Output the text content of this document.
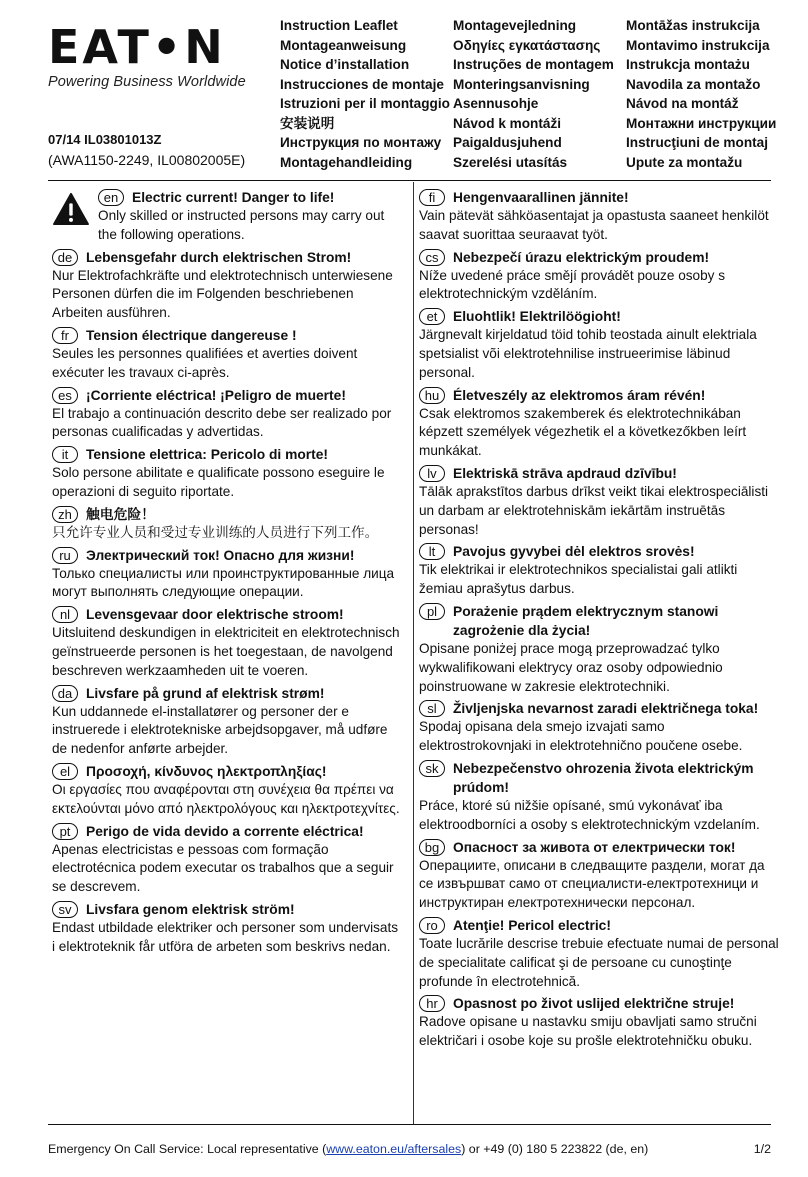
EAT•N
Powering Business Worldwide
07/14 IL03801013Z
(AWA1150-2249, IL00802005E)
Instruction Leaflet
Montageanweisung
Notice d’installation
Instrucciones de montaje
Istruzioni per il montaggio
安装说明
Инструкция по монтажу
Montagehandleiding
Montagevejledning
Οδηγίες εγκατάστασης
Instruções de montagem
Monteringsanvisning
Asennusohje
Návod k montáži
Paigaldusjuhend
Szerelési utasítás
Montāžas instrukcija
Montavimo instrukcija
Instrukcja montażu
Navodila za montažo
Návod na montáž
Монтажни инструкции
Instrucţiuni de montaj
Upute za montažu
en Electric current! Danger to life!
Only skilled or instructed persons may carry out the following operations.
de Lebensgefahr durch elektrischen Strom!
Nur Elektrofachkräfte und elektrotechnisch unterwiesene Personen dürfen die im Folgenden beschriebenen Arbeiten ausführen.
fr	Tension électrique dangereuse !
Seules les personnes qualifiées et averties doivent exécuter les travaux ci-après.
es	¡Corriente eléctrica! ¡Peligro de muerte!
El trabajo a continuación descrito debe ser realizado por personas cualificadas y advertidas.
it	Tensione elettrica: Pericolo di morte!
Solo persone abilitate e qualificate possono eseguire le operazioni di seguito riportate.
zh	触电危险！
只允许专业人员和受过专业训练的人员进行下列工作。
ru	Электрический ток! Опасно для жизни!
Только специалисты или проинструктированные лица могут выполнять следующие операции.
nl	Levensgevaar door elektrische stroom!
Uitsluitend deskundigen in elektriciteit en elektrotechnisch geïnstrueerde personen is het toegestaan, de navolgend beschreven werkzaamheden uit te voeren.
da Livsfare på grund af elektrisk strøm!
Kun uddannede el-installatører og personer der e instruerede i elektrotekniske arbejdsopgaver, må udføre de nedenfor anførte arbejder.
el	Προσοχή, κίνδυνος ηλεκτροπληξίας!
Οι εργασίες που αναφέρονται στη συνέχεια θα πρέπει να εκτελούνται μόνο από ηλεκτρολόγους και ηλεκτροτεχνίτες.
pt	Perigo de vida devido a corrente eléctrica!
Apenas electricistas e pessoas com formação electrotécnica podem executar os trabalhos que a seguir se descrevem.
sv	Livsfara genom elektrisk ström!
Endast utbildade elektriker och personer som undervisats i elektroteknik får utföra de arbeten som beskrivs nedan.
fi	Hengenvaarallinen jännite!
Vain pätevät sähköasentajat ja opastusta saaneet henkilöt saavat suorittaa seuraavat työt.
cs	Nebezpečí úrazu elektrickým proudem!
Níže uvedené práce smějí provádět pouze osoby s elektrotechnickým vzděláním.
et	Eluohtlik! Elektrilöögioht!
Järgnevalt kirjeldatud töid tohib teostada ainult elektriala spetsialist või elektrotehnilise instrueerimise läbinud personal.
hu Életveszély az elektromos áram révén!
Csak elektromos szakemberek és elektrotechnikában képzett személyek végezhetik el a következőkben leírt munkákat.
lv	Elektriskā strāva apdraud dzīvību!
Tālāk aprakstītos darbus drīkst veikt tikai elektrospeciālisti un darbam ar elektrotehniskām iekārtām instruētās personas!
lt	Pavojus gyvybei dėl elektros srovės!
Tik elektrikai ir elektrotechnikos specialistai gali atlikti žemiau aprašytus darbus.
pl	Porażenie prądem elektrycznym stanowi zagrożenie dla życia!
Opisane poniżej prace mogą przeprowadzać tylko wykwalifikowani elektrycy oraz osoby odpowiednio poinstruowane w zakresie elektrotechniki.
sl	Življenjska nevarnost zaradi električnega toka!
Spodaj opisana dela smejo izvajati samo elektrostrokovnjaki in elektrotehnično poučene osebe.
sk	Nebezpečenstvo ohrozenia života elektrickým prúdom!
Práce, ktoré sú nižšie opísané, smú vykonávať iba elektroodborníci a osoby s elektrotechnickým vzdelaním.
bg Опасност за живота от електрически ток!
Операциите, описани в следващите раздели, могат да се извършват само от специалисти-електротехници и инструктиран електротехнически персонал.
ro	Atenţie! Pericol electric!
Toate lucrările descrise trebuie efectuate numai de personal de specialitate calificat şi de persoane cu cunoştinţe profunde în electrotehnică.
hr	Opasnost po život uslijed električne struje!
Radove opisane u nastavku smiju obavljati samo stručni električari i osobe koje su prošle elektrotehničku obuku.
Emergency On Call Service: Local representative (www.eaton.eu/aftersales) or +49 (0) 180 5 223822 (de, en)	1/2
